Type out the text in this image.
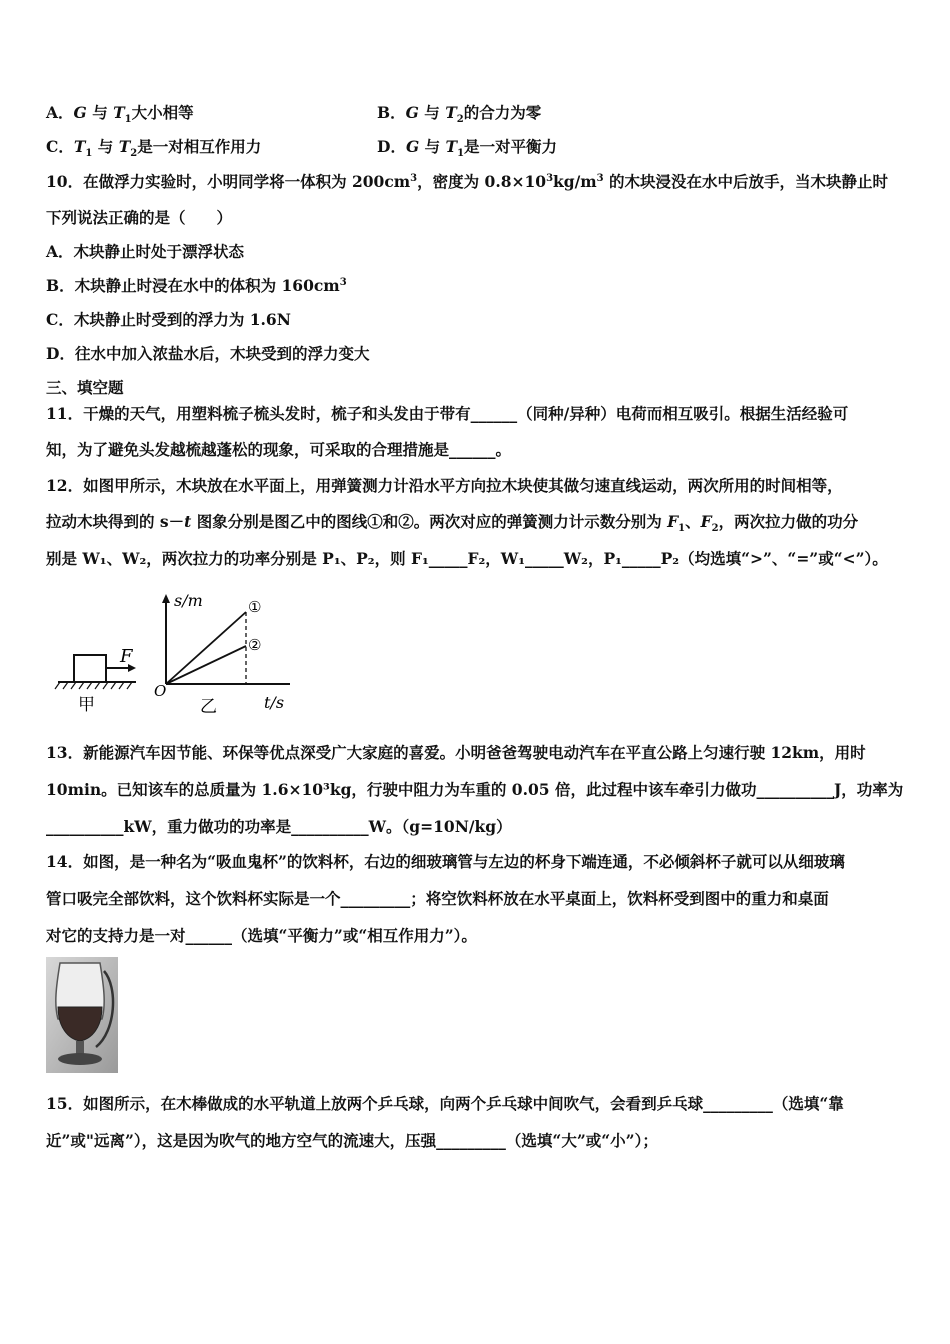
A．G 与 $T_1$大小相等	B．G 与 $T_2$的合力为零
C．$T_1$ 与 $T_2$是一对相互作用力	D．G 与 $T_1$是一对平衡力
10．在做浮力实验时，小明同学将一体积为 $200cm^3$，密度为 $0.8\times 10^3kg/m^3$ 的木块浸没在水中后放手，当木块静止时
下列说法正确的是（　　）
A．木块静止时处于漂浮状态
B．木块静止时浸在水中的体积为 $160cm^3$
C．木块静止时受到的浮力为 1.6N
D．往水中加入浓盐水后，木块受到的浮力变大
三、填空题
11．干燥的天气，用塑料梳子梳头发时，梳子和头发由于带有______（同种/异种）电荷而相互吸引。根据生活经验可
知，为了避免头发越梳越蓬松的现象，可采取的合理措施是______。
12．如图甲所示，木块放在水平面上，用弹簧测力计沿水平方向拉木块使其做匀速直线运动，两次所用的时间相等，
拉动木块得到的 s－t 图象分别是图乙中的图线①和②。两次对应的弹簧测力计示数分别为 $F_1$、$F_2$，两次拉力做的功分
别是 W₁、W₂，两次拉力的功率分别是 P₁、P₂，则 F₁_____F₂，W₁_____W₂，P₁_____P₂（均选填“>”、“=”或“<”）。
F
甲
①
②
s/m
O
乙	t/s
13．新能源汽车因节能、环保等优点深受广大家庭的喜爱。小明爸爸驾驶电动汽车在平直公路上匀速行驶 12km，用时
10min。已知该车的总质量为 1.6×10³kg，行驶中阻力为车重的 0.05 倍，此过程中该车牵引力做功__________J，功率为
__________kW，重力做功的功率是__________W。（g=10N/kg）
14．如图，是一种名为“吸血鬼杯”的饮料杯，右边的细玻璃管与左边的杯身下端连通，不必倾斜杯子就可以从细玻璃
管口吸完全部饮料，这个饮料杯实际是一个_________；将空饮料杯放在水平桌面上，饮料杯受到图中的重力和桌面
对它的支持力是一对______（选填“平衡力”或“相互作用力”）。
15．如图所示，在木棒做成的水平轨道上放两个乒乓球，向两个乒乓球中间吹气，会看到乒乓球_________（选填“靠
近”或"远离”），这是因为吹气的地方空气的流速大，压强_________（选填“大”或“小”）；
